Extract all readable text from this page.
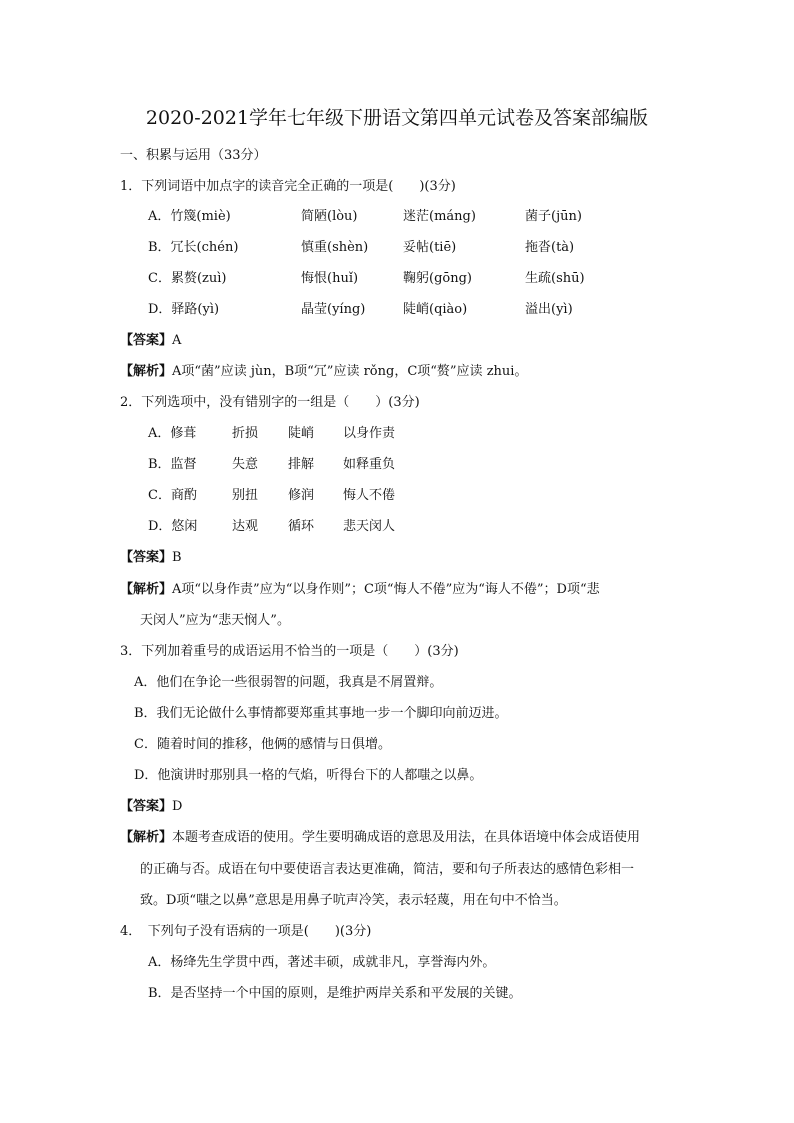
2020-2021学年七年级下册语文第四单元试卷及答案部编版
一、积累与运用（33分）
1．下列词语中加点字的读音完全正确的一项是(　　)(3分)
A．竹篾(miè)	简陋(lòu)	迷茫(máng)	菌子(jūn)
B．冗长(chén)	慎重(shèn)	妥帖(tiē)	拖沓(tà)
C．累赘(zuì)	悔恨(huǐ)	鞠躬(gōng)	生疏(shū)
D．驿路(yì)	晶莹(yíng)	陡峭(qiào)	溢出(yì)
【答案】A
【解析】A项“菌”应读 jùn，B项“冗”应读 rǒng，C项“赘”应读 zhui。
2．下列选项中，没有错别字的一组是（　　）(3分)
A．修葺	折损 陡峭 以身作责
B．监督	失意 排解 如释重负
C．商酌	别扭 修润 悔人不倦
D．悠闲	达观 循环 悲天闵人
【答案】B
【解析】A项“以身作责”应为“以身作则”；C项“悔人不倦”应为“诲人不倦”；D项“悲
天闵人”应为“悲天悯人”。
3．下列加着重号的成语运用不恰当的一项是（　　）(3分)
A．他们在争论一些很弱智的问题，我真是不屑置辩。
B．我们无论做什么事情都要郑重其事地一步一个脚印向前迈进。
C．随着时间的推移，他俩的感情与日俱增。
D．他演讲时那别具一格的气焰，听得台下的人都嗤之以鼻。
【答案】D
【解析】本题考查成语的使用。学生要明确成语的意思及用法，在具体语境中体会成语使用
的正确与否。成语在句中要使语言表达更准确，简洁，要和句子所表达的感情色彩相一
致。D项“嗤之以鼻”意思是用鼻子吭声冷笑，表示轻蔑，用在句中不恰当。
4．　下列句子没有语病的一项是(　　)(3分)
A．杨绛先生学贯中西，著述丰硕，成就非凡，享誉海内外。
B．是否坚持一个中国的原则，是维护两岸关系和平发展的关键。
